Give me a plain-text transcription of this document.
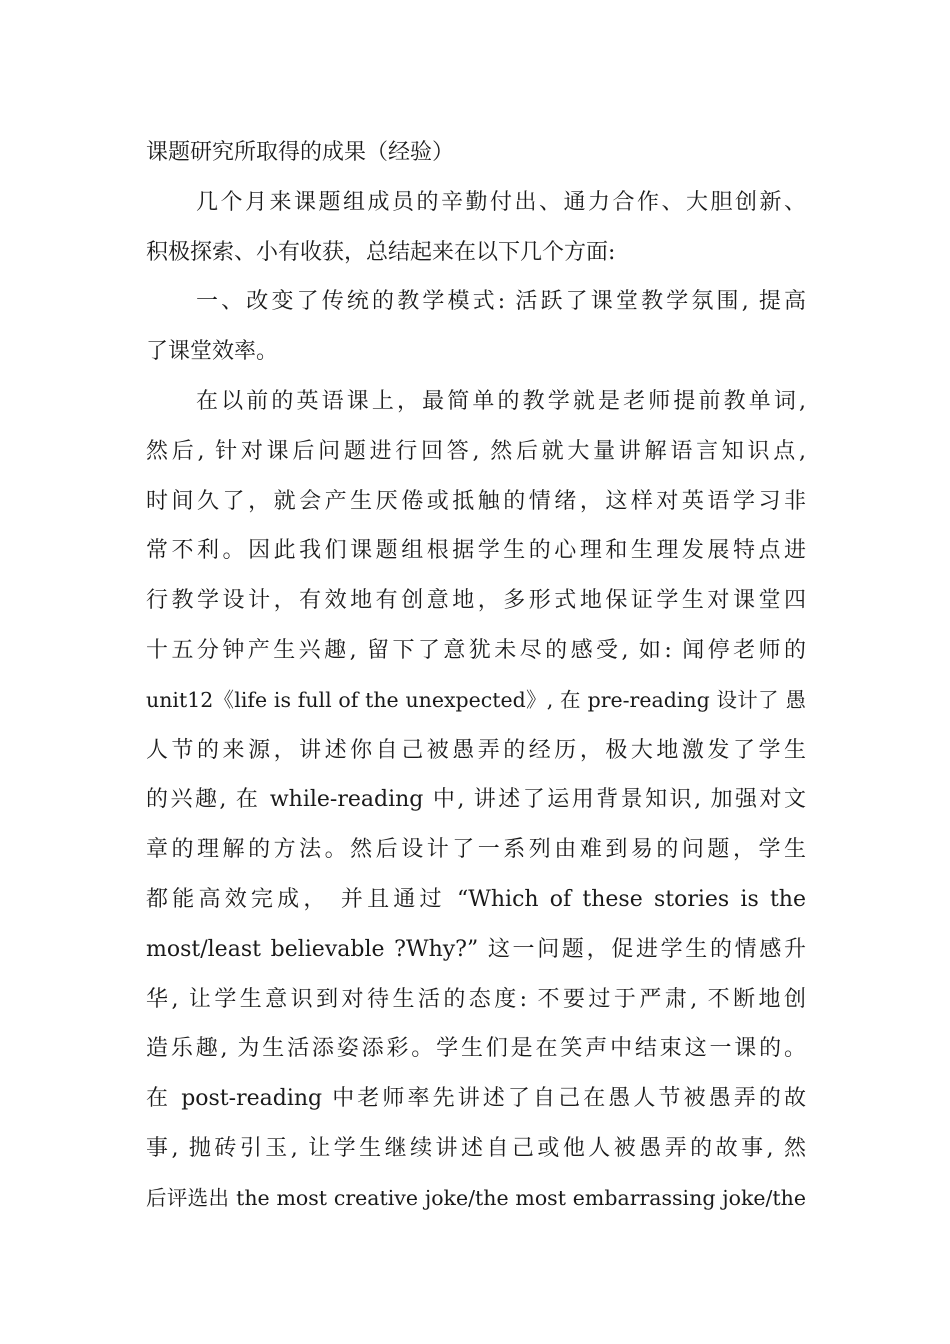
课题研究所取得的成果（经验）
几个月来课题组成员的辛勤付出、通力合作、大胆创新、
积极探索、小有收获，总结起来在以下几个方面:
一、改变了传统的教学模式: 活跃了课堂教学氛围, 提高
了课堂效率。
在以前的英语课上，最简单的教学就是老师提前教单词,
然后, 针对课后问题进行回答, 然后就大量讲解语言知识点,
时间久了，就会产生厌倦或抵触的情绪，这样对英语学习非
常不利。因此我们课题组根据学生的心理和生理发展特点进
行教学设计，有效地有创意地，多形式地保证学生对课堂四
十五分钟产生兴趣, 留下了意犹未尽的感受, 如: 闻停老师的
unit12《life is full of the unexpected》, 在 pre-reading 设计了 愚
人节的来源，讲述你自己被愚弄的经历，极大地激发了学生
的兴趣, 在 while-reading 中, 讲述了运用背景知识, 加强对文
章的理解的方法。然后设计了一系列由难到易的问题，学生
都能高效完成， 并且通过 “Which of these stories is the
most/least believable ?Why?” 这一问题，促进学生的情感升
华, 让学生意识到对待生活的态度: 不要过于严肃, 不断地创
造乐趣, 为生活添姿添彩。学生们是在笑声中结束这一课的。
在 post-reading 中老师率先讲述了自己在愚人节被愚弄的故
事, 抛砖引玉, 让学生继续讲述自己或他人被愚弄的故事, 然
后评选出 the most creative joke/the most embarrassing joke/the
